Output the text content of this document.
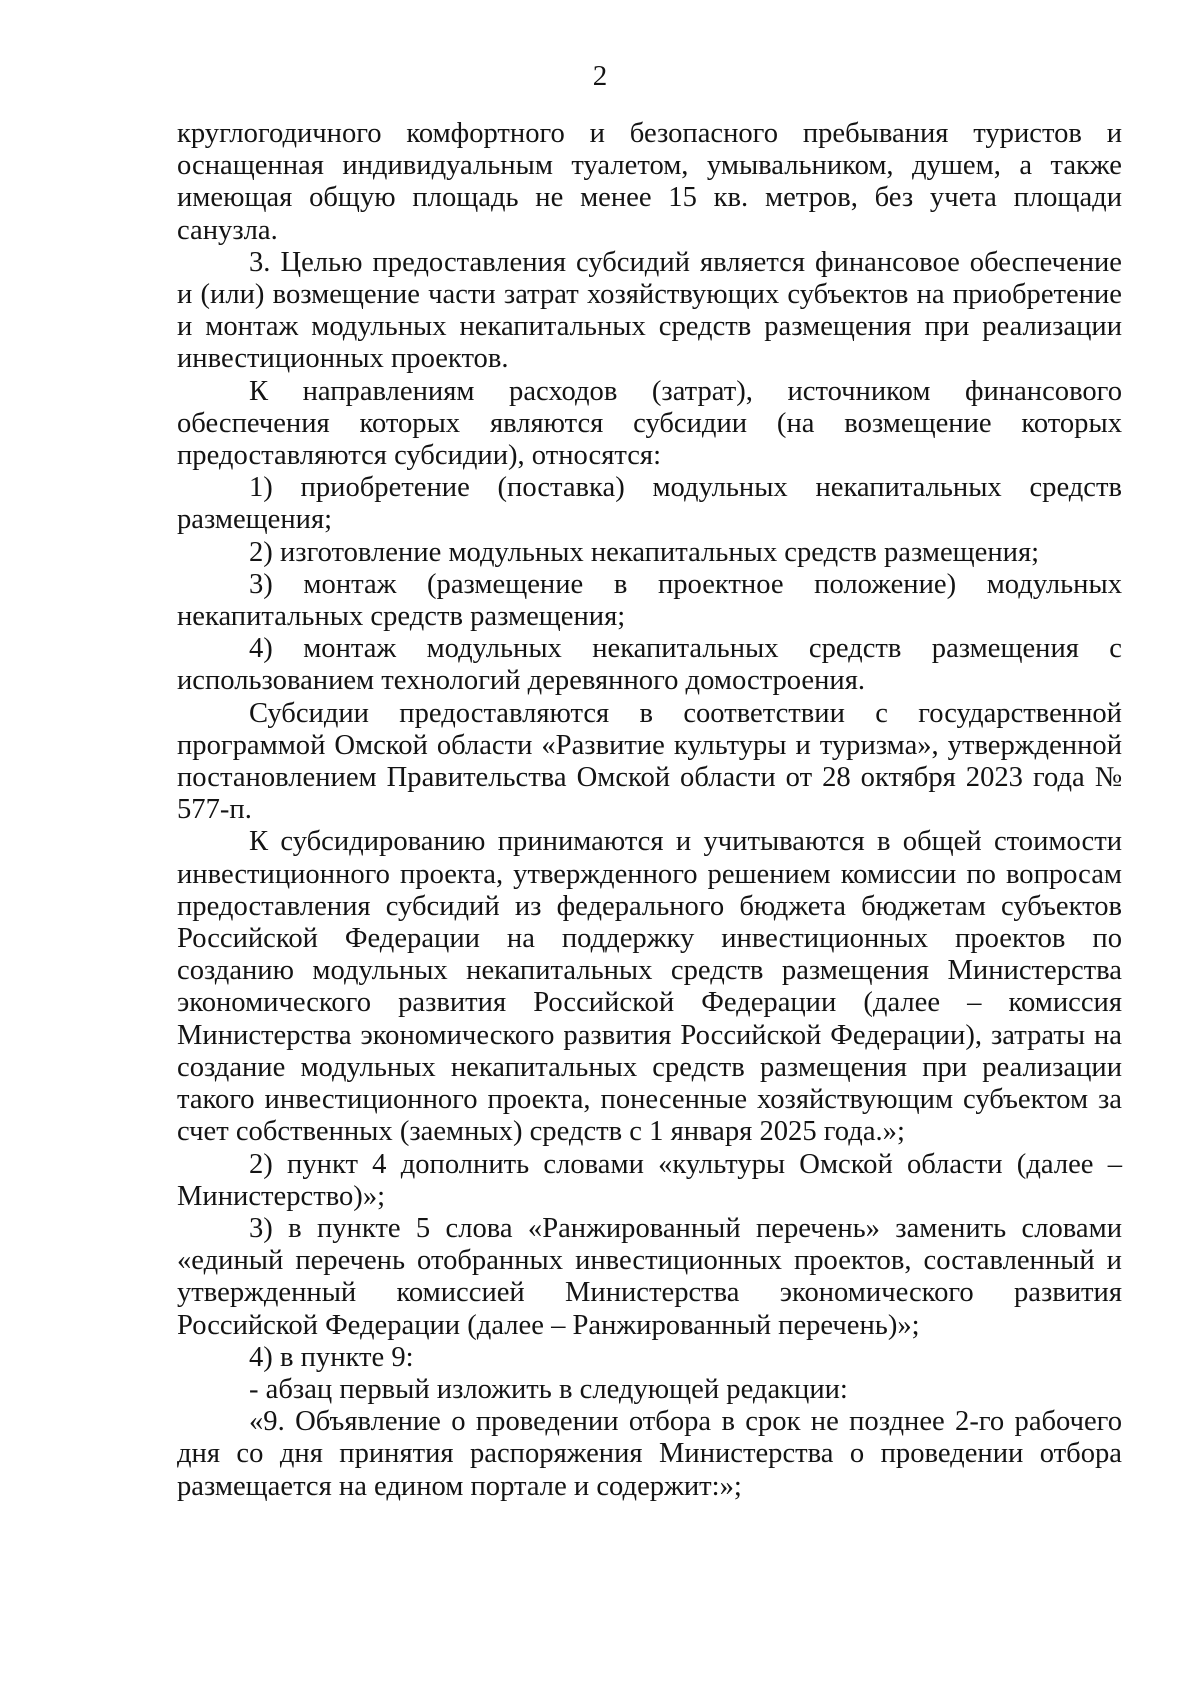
2

круглогодичного комфортного и безопасного пребывания туристов и оснащенная индивидуальным туалетом, умывальником, душем, а также имеющая общую площадь не менее 15 кв. метров, без учета площади санузла.

3. Целью предоставления субсидий является финансовое обеспечение и (или) возмещение части затрат хозяйствующих субъектов на приобретение и монтаж модульных некапитальных средств размещения при реализации инвестиционных проектов.

К направлениям расходов (затрат), источником финансового обеспечения которых являются субсидии (на возмещение которых предоставляются субсидии), относятся:

1) приобретение (поставка) модульных некапитальных средств размещения;

2) изготовление модульных некапитальных средств размещения;

3) монтаж (размещение в проектное положение) модульных некапитальных средств размещения;

4) монтаж модульных некапитальных средств размещения с использованием технологий деревянного домостроения.

Субсидии предоставляются в соответствии с государственной программой Омской области «Развитие культуры и туризма», утвержденной постановлением Правительства Омской области от 28 октября 2023 года № 577-п.

К субсидированию принимаются и учитываются в общей стоимости инвестиционного проекта, утвержденного решением комиссии по вопросам предоставления субсидий из федерального бюджета бюджетам субъектов Российской Федерации на поддержку инвестиционных проектов по созданию модульных некапитальных средств размещения Министерства экономического развития Российской Федерации (далее – комиссия Министерства экономического развития Российской Федерации), затраты на создание модульных некапитальных средств размещения при реализации такого инвестиционного проекта, понесенные хозяйствующим субъектом за счет собственных (заемных) средств с 1 января 2025 года.»;

2) пункт 4 дополнить словами «культуры Омской области (далее – Министерство)»;

3) в пункте 5 слова «Ранжированный перечень» заменить словами «единый перечень отобранных инвестиционных проектов, составленный и утвержденный комиссией Министерства экономического развития Российской Федерации (далее – Ранжированный перечень)»;

4) в пункте 9:

- абзац первый изложить в следующей редакции:

«9. Объявление о проведении отбора в срок не позднее 2-го рабочего дня со дня принятия распоряжения Министерства о проведении отбора размещается на едином портале и содержит:»;
